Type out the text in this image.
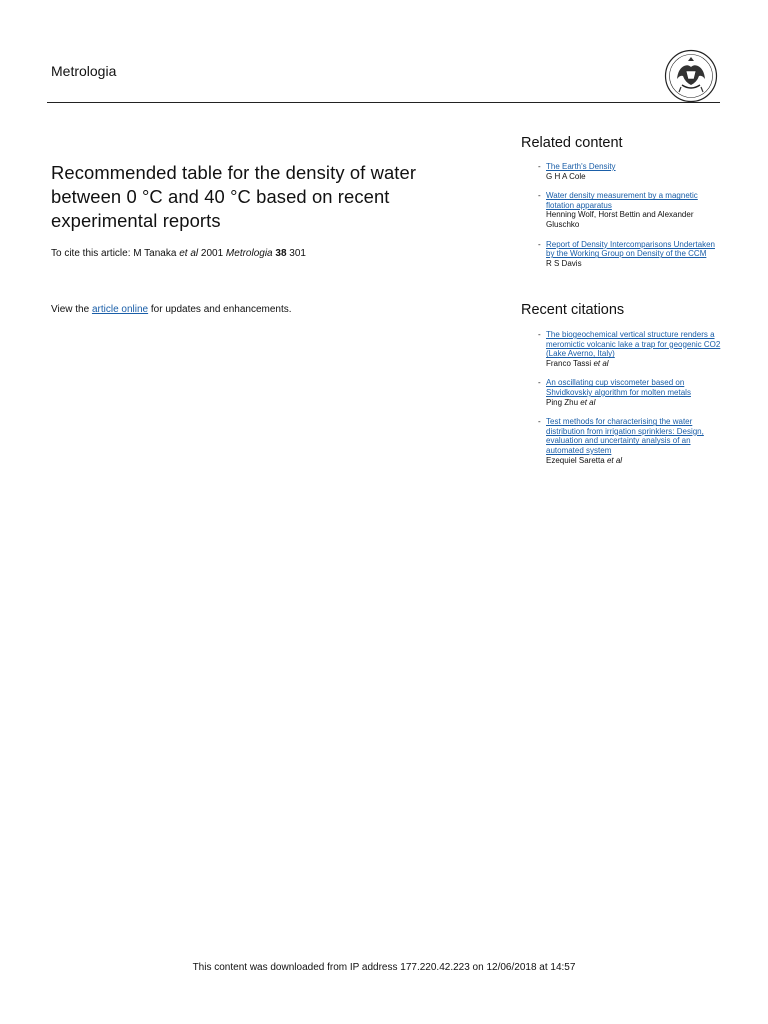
Metrologia
Recommended table for the density of water between 0 °C and 40 °C based on recent experimental reports
To cite this article: M Tanaka et al 2001 Metrologia 38 301
View the article online for updates and enhancements.
Related content
- The Earth's Density
G H A Cole
- Water density measurement by a magnetic flotation apparatus
Henning Wolf, Horst Bettin and Alexander Gluschko
- Report of Density Intercomparisons Undertaken by the Working Group on Density of the CCM
R S Davis
Recent citations
- The biogeochemical vertical structure renders a meromictic volcanic lake a trap for geogenic CO2 (Lake Averno, Italy)
Franco Tassi et al
- An oscillating cup viscometer based on Shvidkovskiy algorithm for molten metals
Ping Zhu et al
- Test methods for characterising the water distribution from irrigation sprinklers: Design, evaluation and uncertainty analysis of an automated system
Ezequiel Saretta et al
This content was downloaded from IP address 177.220.42.223 on 12/06/2018 at 14:57
